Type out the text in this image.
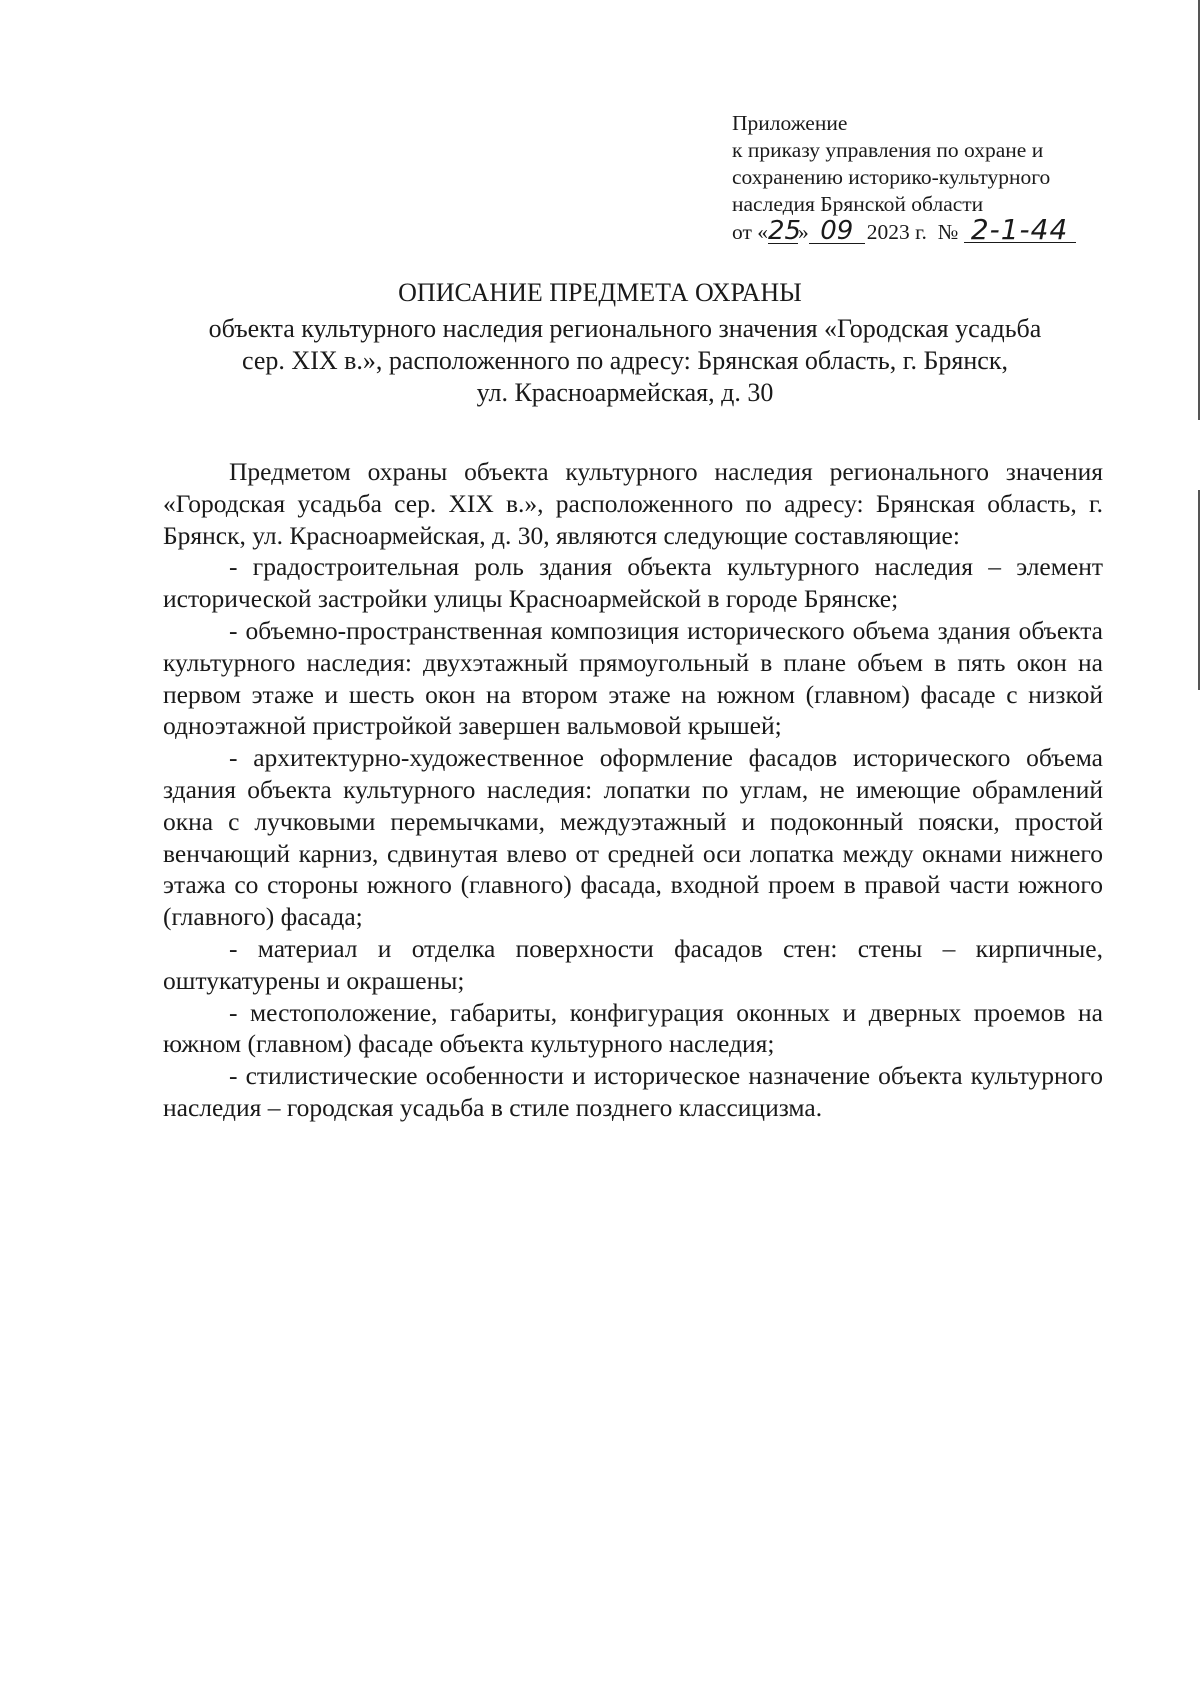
Приложение
к приказу управления по охране и
сохранению историко-культурного
наследия Брянской области
от «25» 09 2023 г. № 2-1-44
ОПИСАНИЕ ПРЕДМЕТА ОХРАНЫ
объекта культурного наследия регионального значения «Городская усадьба
сер. XIX в.», расположенного по адресу: Брянская область, г. Брянск,
ул. Красноармейская, д. 30

Предметом охраны объекта культурного наследия регионального значения «Городская усадьба сер. XIX в.», расположенного по адресу: Брянская область, г. Брянск, ул. Красноармейская, д. 30, являются следующие составляющие:

- градостроительная роль здания объекта культурного наследия – элемент исторической застройки улицы Красноармейской в городе Брянске;

- объемно-пространственная композиция исторического объема здания объекта культурного наследия: двухэтажный прямоугольный в плане объем в пять окон на первом этаже и шесть окон на втором этаже на южном (главном) фасаде с низкой одноэтажной пристройкой завершен вальмовой крышей;

- архитектурно-художественное оформление фасадов исторического объема здания объекта культурного наследия: лопатки по углам, не имеющие обрамлений окна с лучковыми перемычками, междуэтажный и подоконный пояски, простой венчающий карниз, сдвинутая влево от средней оси лопатка между окнами нижнего этажа со стороны южного (главного) фасада, входной проем в правой части южного (главного) фасада;

- материал и отделка поверхности фасадов стен: стены – кирпичные, оштукатурены и окрашены;

- местоположение, габариты, конфигурация оконных и дверных проемов на южном (главном) фасаде объекта культурного наследия;

- стилистические особенности и историческое назначение объекта культурного наследия – городская усадьба в стиле позднего классицизма.
